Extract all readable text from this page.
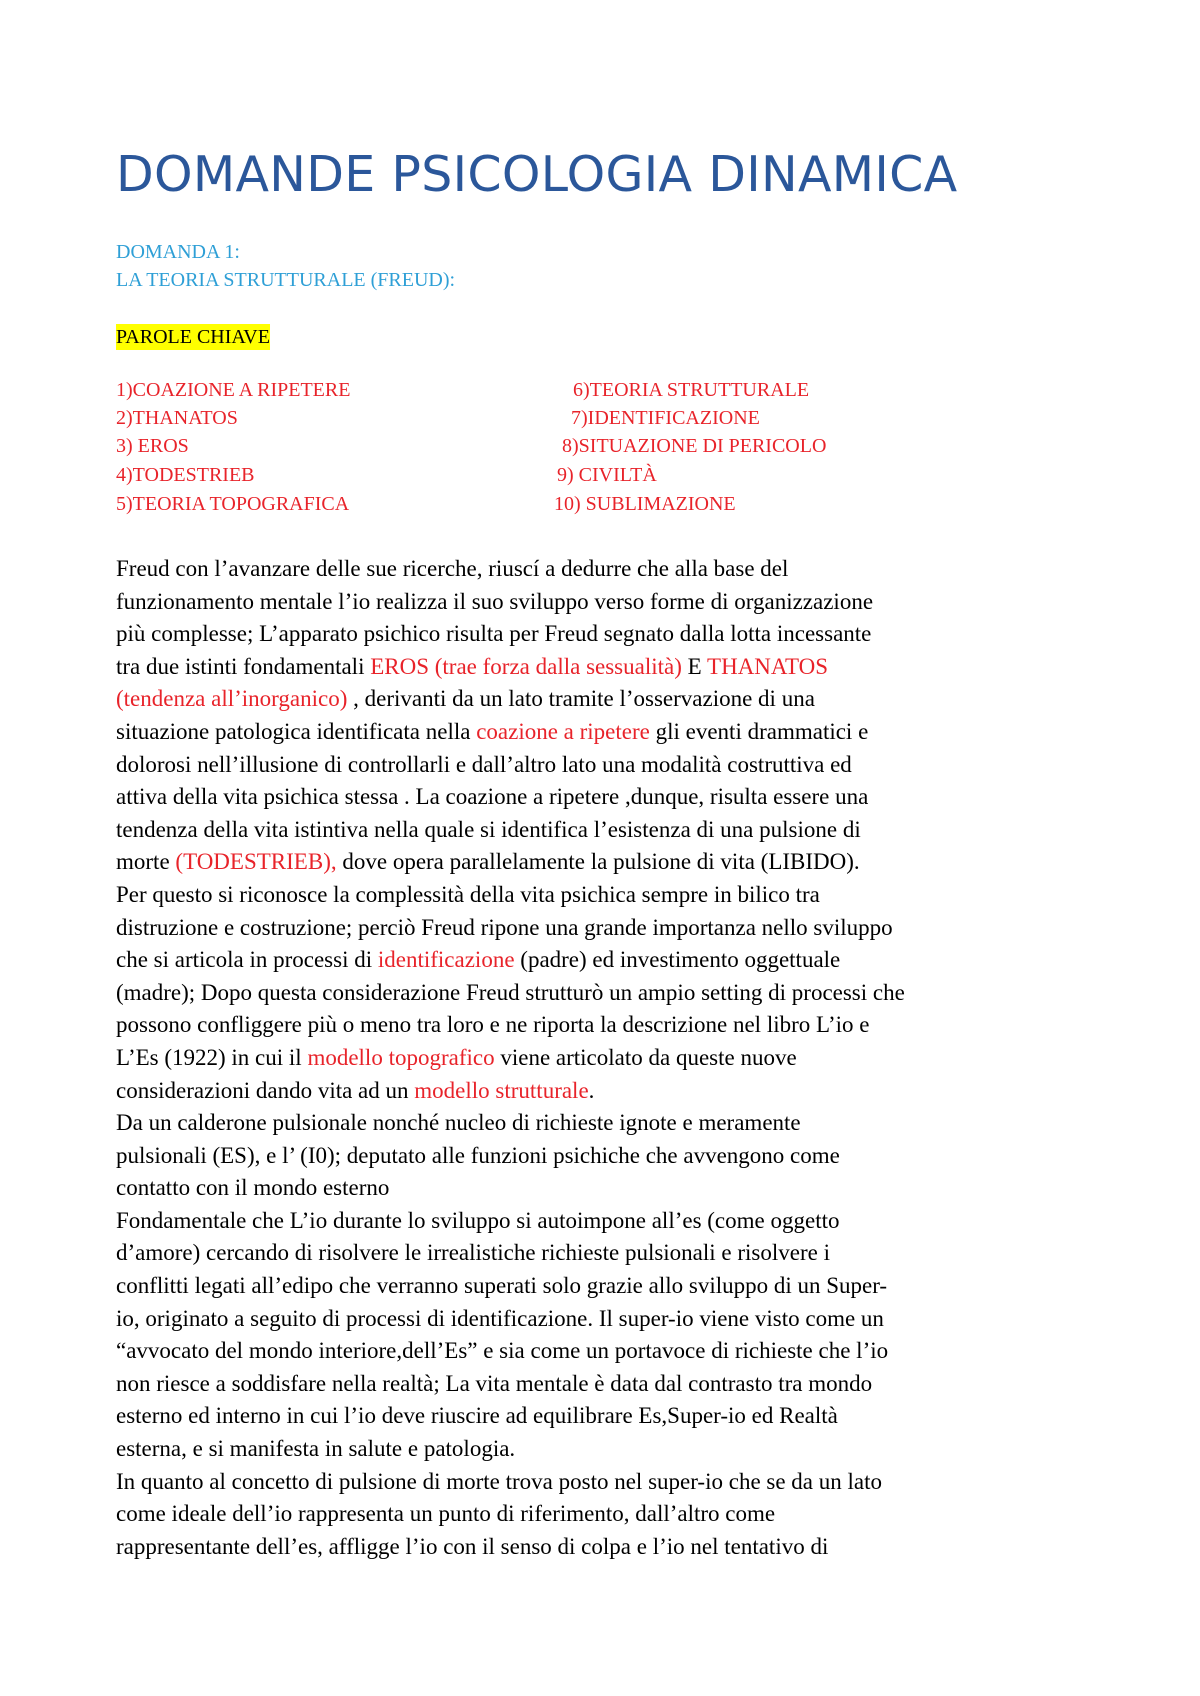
DOMANDE PSICOLOGIA DINAMICA
DOMANDA 1:
LA TEORIA STRUTTURALE (FREUD):
PAROLE CHIAVE
1)COAZIONE A RIPETERE
2)THANATOS
3) EROS
4)TODESTRIEB
5)TEORIA TOPOGRAFICA
6)TEORIA STRUTTURALE
7)IDENTIFICAZIONE
8)SITUAZIONE DI PERICOLO
9) CIVILTÀ
10) SUBLIMAZIONE
Freud con l’avanzare delle sue ricerche, riuscí a dedurre che alla base del
funzionamento mentale l’io realizza il suo sviluppo verso forme di organizzazione
più complesse; L’apparato psichico risulta per Freud segnato dalla lotta incessante
tra due istinti fondamentali EROS (trae forza dalla sessualità) E THANATOS
(tendenza all’inorganico) , derivanti da un lato tramite l’osservazione di una
situazione patologica identificata nella coazione a ripetere gli eventi drammatici e
dolorosi nell’illusione di controllarli e dall’altro lato una modalità costruttiva ed
attiva della vita psichica stessa . La coazione a ripetere ,dunque, risulta essere una
tendenza della vita istintiva nella quale si identifica l’esistenza di una pulsione di
morte (TODESTRIEB), dove opera parallelamente la pulsione di vita (LIBIDO).
Per questo si riconosce la complessità della vita psichica sempre in bilico tra
distruzione e costruzione; perciò Freud ripone una grande importanza nello sviluppo
che si articola in processi di identificazione (padre) ed investimento oggettuale
(madre); Dopo questa considerazione Freud strutturò un ampio setting di processi che
possono confliggere più o meno tra loro e ne riporta la descrizione nel libro L’io e
L’Es (1922) in cui il modello topografico viene articolato da queste nuove
considerazioni dando vita ad un modello strutturale.
Da un calderone pulsionale nonché nucleo di richieste ignote e meramente
pulsionali (ES), e l’ (I0); deputato alle funzioni psichiche che avvengono come
contatto con il mondo esterno
Fondamentale che L’io durante lo sviluppo si autoimpone all’es (come oggetto
d’amore) cercando di risolvere le irrealistiche richieste pulsionali e risolvere i
conflitti legati all’edipo che verranno superati solo grazie allo sviluppo di un Super-
io, originato a seguito di processi di identificazione. Il super-io viene visto come un
“avvocato del mondo interiore,dell’Es” e sia come un portavoce di richieste che l’io
non riesce a soddisfare nella realtà; La vita mentale è data dal contrasto tra mondo
esterno ed interno in cui l’io deve riuscire ad equilibrare Es,Super-io ed Realtà
esterna, e si manifesta in salute e patologia.
In quanto al concetto di pulsione di morte trova posto nel super-io che se da un lato
come ideale dell’io rappresenta un punto di riferimento, dall’altro come
rappresentante dell’es, affligge l’io con il senso di colpa e l’io nel tentativo di
